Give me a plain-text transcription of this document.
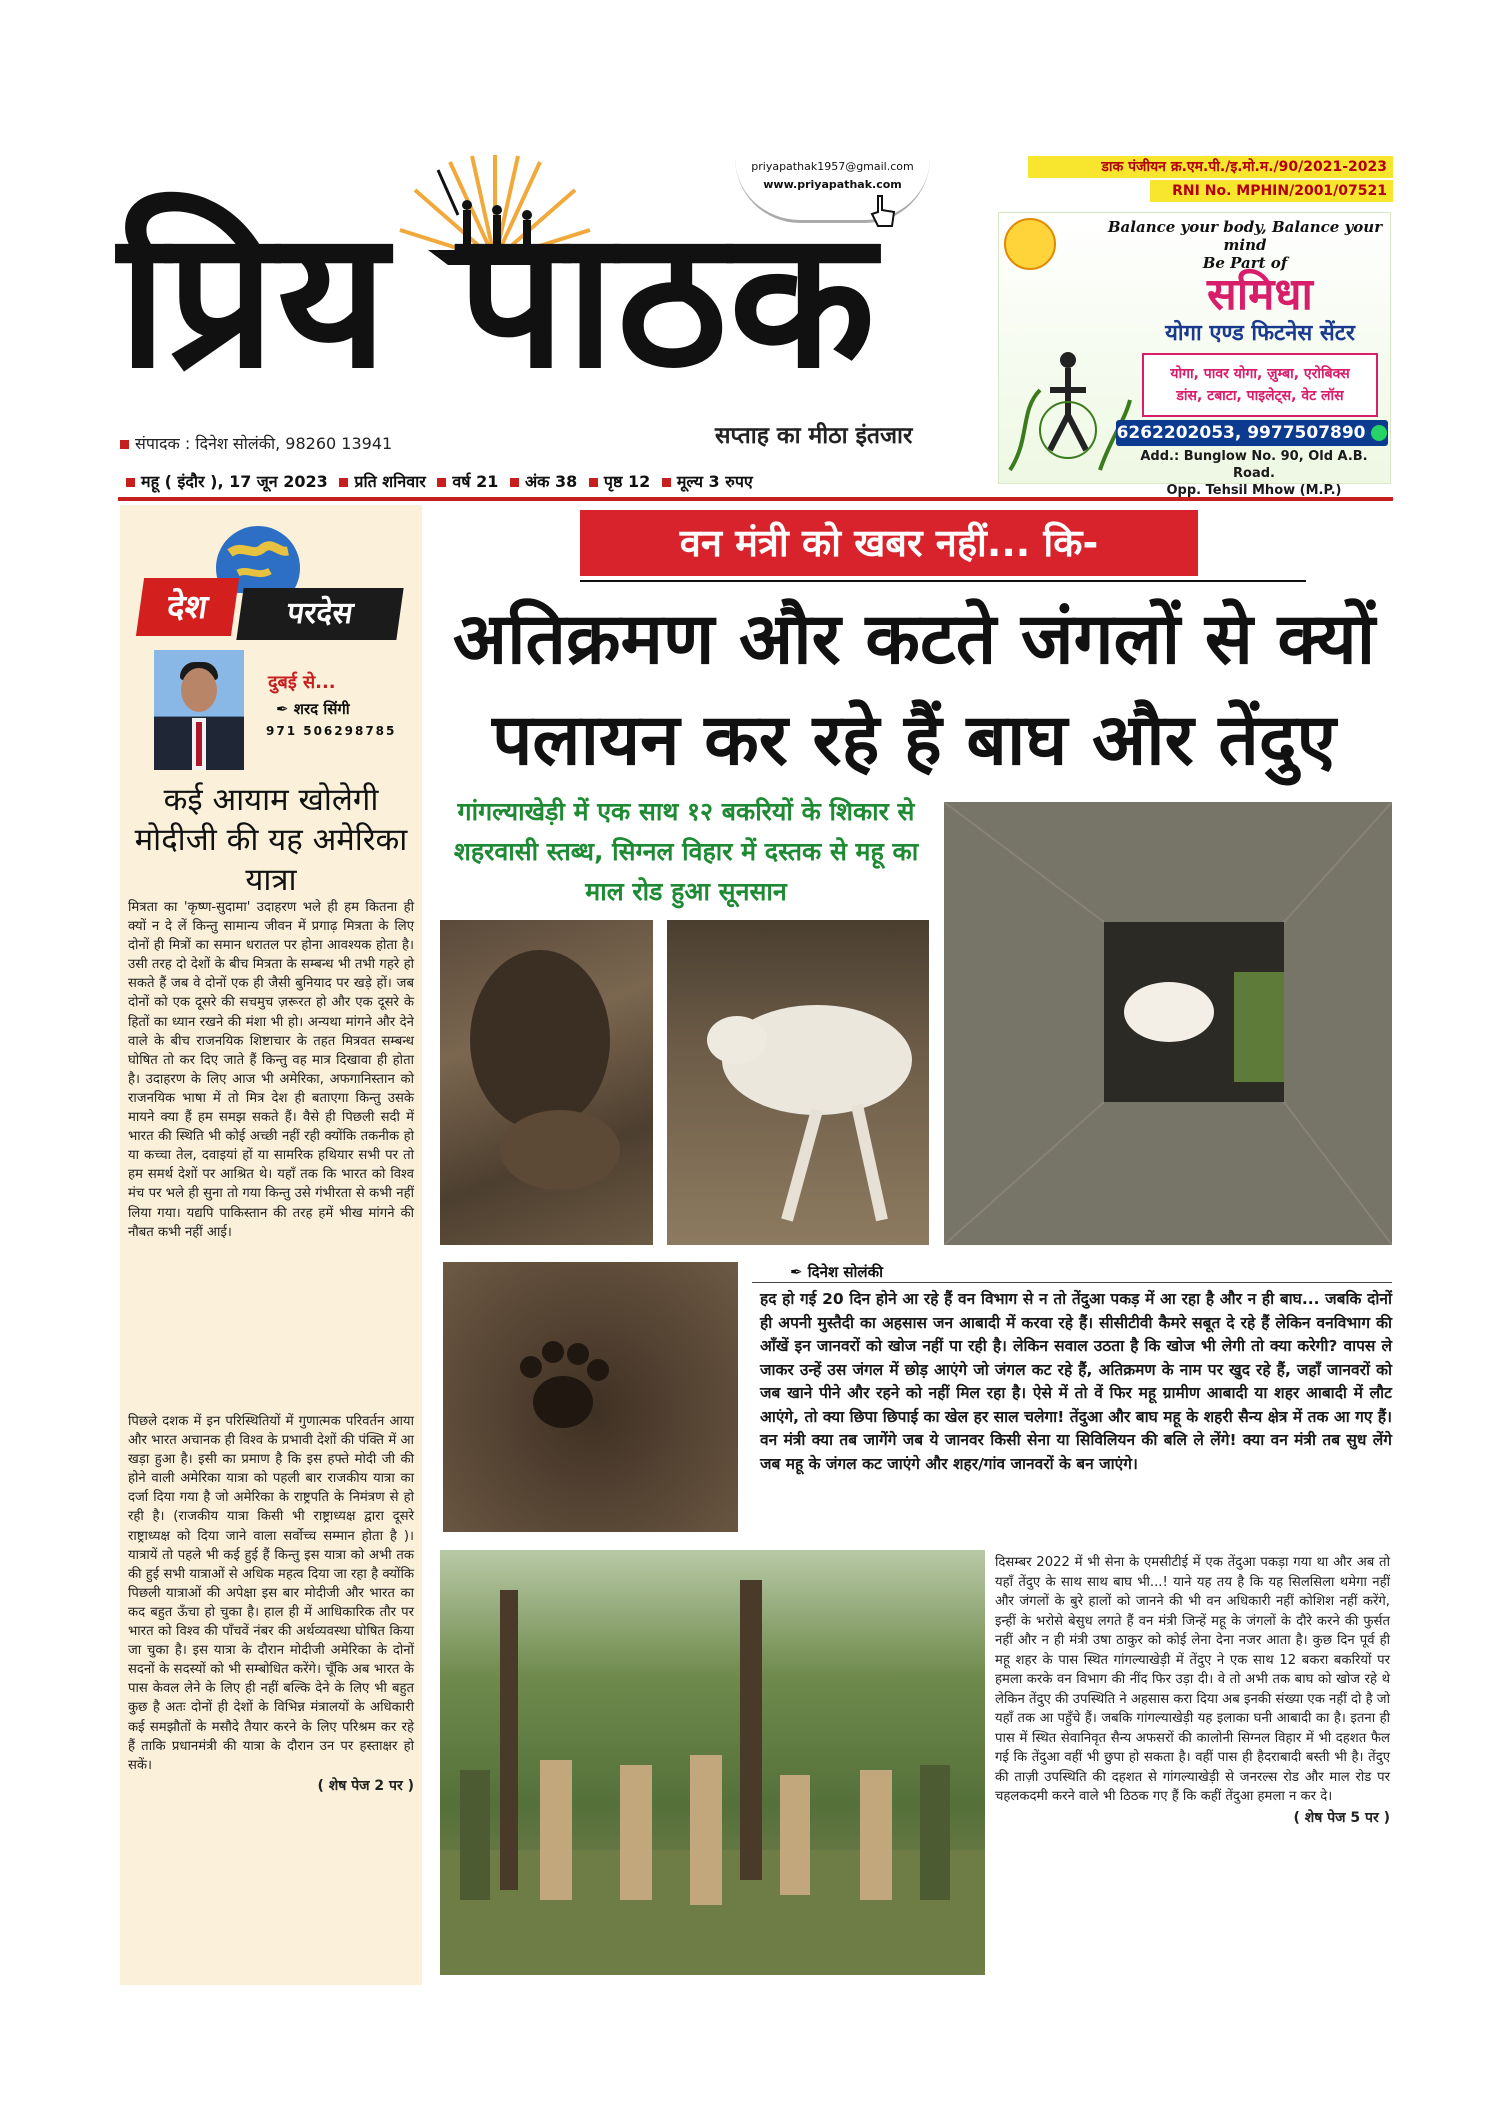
प्रिय पाठक
priyapathak1957@gmail.com
www.priyapathak.com
सप्ताह का मीठा इंतजार
संपादक : दिनेश सोलंकी, 98260 13941
महू ( इंदौर ), 17 जून 2023 प्रति शनिवार वर्ष 21 अंक 38 पृष्ठ 12 मूल्य 3 रुपए
डाक पंजीयन क्र.एम.पी./इ.मो.म./90/2021-2023
RNI No. MPHIN/2001/07521
Balance your body, Balance your mind
Be Part of
समिधा
योगा एण्ड फिटनेस सेंटर
योगा, पावर योगा, ज़ुम्बा, एरोबिक्स
डांस, टबाटा, पाइलेट्स, वेट लॉस
6262202053, 9977507890
Add.: Bunglow No. 90, Old A.B. Road.
Opp. Tehsil Mhow (M.P.)
देश	परदेस
दुबई से...
✒ शरद सिंगी
971 506298785
कई आयाम खोलेगी मोदीजी की यह अमेरिका यात्रा
मित्रता का 'कृष्ण-सुदामा' उदाहरण भले ही हम कितना ही क्यों न दे लें किन्तु सामान्य जीवन में प्रगाढ़ मित्रता के लिए दोनों ही मित्रों का समान धरातल पर होना आवश्यक होता है। उसी तरह दो देशों के बीच मित्रता के सम्बन्ध भी तभी गहरे हो सकते हैं जब वे दोनों एक ही जैसी बुनियाद पर खड़े हों। जब दोनों को एक दूसरे की सचमुच ज़रूरत हो और एक दूसरे के हितों का ध्यान रखने की मंशा भी हो। अन्यथा मांगने और देने वाले के बीच राजनयिक शिष्टाचार के तहत मित्रवत सम्बन्ध घोषित तो कर दिए जाते हैं किन्तु वह मात्र दिखावा ही होता है। उदाहरण के लिए आज भी अमेरिका, अफगानिस्तान को राजनयिक भाषा में तो मित्र देश ही बताएगा किन्तु उसके मायने क्या हैं हम समझ सकते हैं। वैसे ही पिछली सदी में भारत की स्थिति भी कोई अच्छी नहीं रही क्योंकि तकनीक हो या कच्चा तेल, दवाइयां हों या सामरिक हथियार सभी पर तो हम समर्थ देशों पर आश्रित थे। यहाँ तक कि भारत को विश्व मंच पर भले ही सुना तो गया किन्तु उसे गंभीरता से कभी नहीं लिया गया। यद्यपि पाकिस्तान की तरह हमें भीख मांगने की नौबत कभी नहीं आई।
पिछले दशक में इन परिस्थितियों में गुणात्मक परिवर्तन आया और भारत अचानक ही विश्व के प्रभावी देशों की पंक्ति में आ खड़ा हुआ है। इसी का प्रमाण है कि इस हफ्ते मोदी जी की होने वाली अमेरिका यात्रा को पहली बार राजकीय यात्रा का दर्जा दिया गया है जो अमेरिका के राष्ट्रपति के निमंत्रण से हो रही है। (राजकीय यात्रा किसी भी राष्ट्राध्यक्ष द्वारा दूसरे राष्ट्राध्यक्ष को दिया जाने वाला सर्वोच्च सम्मान होता है )। यात्रायें तो पहले भी कई हुई हैं किन्तु इस यात्रा को अभी तक की हुई सभी यात्राओं से अधिक महत्व दिया जा रहा है क्योंकि पिछली यात्राओं की अपेक्षा इस बार मोदीजी और भारत का कद बहुत ऊँचा हो चुका है। हाल ही में आधिकारिक तौर पर भारत को विश्व की पाँचवें नंबर की अर्थव्यवस्था घोषित किया जा चुका है। इस यात्रा के दौरान मोदीजी अमेरिका के दोनों सदनों के सदस्यों को भी सम्बोधित करेंगे। चूँकि अब भारत के पास केवल लेने के लिए ही नहीं बल्कि देने के लिए भी बहुत कुछ है अतः दोनों ही देशों के विभिन्न मंत्रालयों के अधिकारी कई समझौतों के मसौदे तैयार करने के लिए परिश्रम कर रहे हैं ताकि प्रधानमंत्री की यात्रा के दौरान उन पर हस्ताक्षर हो सकें।
( शेष पेज 2 पर )
वन मंत्री को खबर नहीं... कि-
अतिक्रमण और कटते जंगलों से क्यों
पलायन कर रहे हैं बाघ और तेंदुए
गांगल्याखेड़ी में एक साथ १२ बकरियों के शिकार से शहरवासी स्तब्ध, सिग्नल विहार में दस्तक से महू का माल रोड हुआ सूनसान
✒ दिनेश सोलंकी
हद हो गई 20 दिन होने आ रहे हैं वन विभाग से न तो तेंदुआ पकड़ में आ रहा है और न ही बाघ... जबकि दोनों ही अपनी मुस्तैदी का अहसास जन आबादी में करवा रहे हैं। सीसीटीवी कैमरे सबूत दे रहे हैं लेकिन वनविभाग की आँखें इन जानवरों को खोज नहीं पा रही है। लेकिन सवाल उठता है कि खोज भी लेगी तो क्या करेगी? वापस ले जाकर उन्हें उस जंगल में छोड़ आएंगे जो जंगल कट रहे हैं, अतिक्रमण के नाम पर खुद रहे हैं, जहाँ जानवरों को जब खाने पीने और रहने को नहीं मिल रहा है। ऐसे में तो वें फिर महू ग्रामीण आबादी या शहर आबादी में लौट आएंगे, तो क्या छिपा छिपाई का खेल हर साल चलेगा! तेंदुआ और बाघ महू के शहरी सैन्य क्षेत्र में तक आ गए हैं। वन मंत्री क्या तब जागेंगे जब ये जानवर किसी सेना या सिविलियन की बलि ले लेंगे! क्या वन मंत्री तब सुध लेंगे जब महू के जंगल कट जाएंगे और शहर/गांव जानवरों के बन जाएंगे।
दिसम्बर 2022 में भी सेना के एमसीटीई में एक तेंदुआ पकड़ा गया था और अब तो यहाँ तेंदुए के साथ साथ बाघ भी...! याने यह तय है कि यह सिलसिला थमेगा नहीं और जंगलों के बुरे हालों को जानने की भी वन अधिकारी नहीं कोशिश नहीं करेंगे, इन्हीं के भरोसे बेसुध लगते हैं वन मंत्री जिन्हें महू के जंगलों के दौरे करने की फुर्सत नहीं और न ही मंत्री उषा ठाकुर को कोई लेना देना नजर आता है। कुछ दिन पूर्व ही महू शहर के पास स्थित गांगल्याखेड़ी में तेंदुए ने एक साथ 12 बकरा बकरियों पर हमला करके वन विभाग की नींद फिर उड़ा दी। वे तो अभी तक बाघ को खोज रहे थे लेकिन तेंदुए की उपस्थिति ने अहसास करा दिया अब इनकी संख्या एक नहीं दो है जो यहाँ तक आ पहुँचे हैं। जबकि गांगल्याखेड़ी यह इलाका घनी आबादी का है। इतना ही पास में स्थित सेवानिवृत सैन्य अफसरों की कालोनी सिग्नल विहार में भी दहशत फैल गई कि तेंदुआ वहीं भी छुपा हो सकता है। वहीं पास ही हैदराबादी बस्ती भी है। तेंदुए की ताज़ी उपस्थिति की दहशत से गांगल्याखेड़ी से जनरल्स रोड और माल रोड पर चहलकदमी करने वाले भी ठिठक गए हैं कि कहीं तेंदुआ हमला न कर दे।
( शेष पेज 5 पर )
